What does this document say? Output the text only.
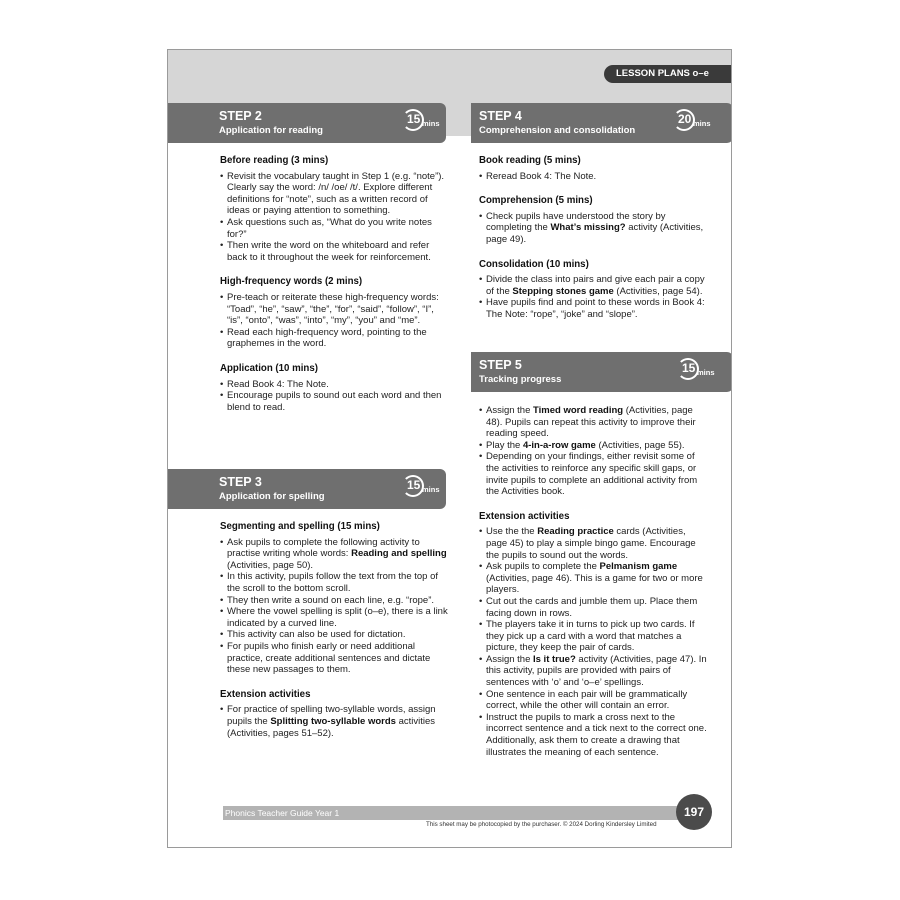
LESSON PLANS o–e
STEP 2
Application for reading
15 mins
STEP 4
Comprehension and consolidation
20 mins
Before reading (3 mins)
• Revisit the vocabulary taught in Step 1 (e.g. “note”). Clearly say the word: /n/ /oe/ /t/. Explore different definitions for “note”, such as a written record of ideas or paying attention to something.
• Ask questions such as, “What do you write notes for?”
• Then write the word on the whiteboard and refer back to it throughout the week for reinforcement.
High-frequency words (2 mins)
• Pre-teach or reiterate these high-frequency words: “Toad”, “he”, “saw”, “the”, “for”, “said”, “follow”, “I”, “is”, “onto”, “was”, “into”, “my”, “you” and “me”.
• Read each high-frequency word, pointing to the graphemes in the word.
Application (10 mins)
• Read Book 4: The Note.
• Encourage pupils to sound out each word and then blend to read.
STEP 3
Application for spelling
15 mins
Segmenting and spelling (15 mins)
• Ask pupils to complete the following activity to practise writing whole words: Reading and spelling (Activities, page 50).
• In this activity, pupils follow the text from the top of the scroll to the bottom scroll.
• They then write a sound on each line, e.g. “rope”.
• Where the vowel spelling is split (o–e), there is a link indicated by a curved line.
• This activity can also be used for dictation.
• For pupils who finish early or need additional practice, create additional sentences and dictate these new passages to them.
Extension activities
• For practice of spelling two-syllable words, assign pupils the Splitting two-syllable words activities (Activities, pages 51–52).
Book reading (5 mins)
• Reread Book 4: The Note.
Comprehension (5 mins)
• Check pupils have understood the story by completing the What’s missing? activity (Activities, page 49).
Consolidation (10 mins)
• Divide the class into pairs and give each pair a copy of the Stepping stones game (Activities, page 54).
• Have pupils find and point to these words in Book 4: The Note: “rope”, “joke” and “slope”.
STEP 5
Tracking progress
15 mins
• Assign the Timed word reading (Activities, page 48). Pupils can repeat this activity to improve their reading speed.
• Play the 4-in-a-row game (Activities, page 55).
• Depending on your findings, either revisit some of the activities to reinforce any specific skill gaps, or invite pupils to complete an additional activity from the Activities book.
Extension activities
• Use the the Reading practice cards (Activities, page 45) to play a simple bingo game. Encourage the pupils to sound out the words.
• Ask pupils to complete the Pelmanism game (Activities, page 46). This is a game for two or more players.
• Cut out the cards and jumble them up. Place them facing down in rows.
• The players take it in turns to pick up two cards. If they pick up a card with a word that matches a picture, they keep the pair of cards.
• Assign the Is it true? activity (Activities, page 47). In this activity, pupils are provided with pairs of sentences with ‘o’ and ‘o–e’ spellings.
• One sentence in each pair will be grammatically correct, while the other will contain an error.
• Instruct the pupils to mark a cross next to the incorrect sentence and a tick next to the correct one. Additionally, ask them to create a drawing that illustrates the meaning of each sentence.
Phonics Teacher Guide Year 1	197
This sheet may be photocopied by the purchaser. © 2024 Dorling Kindersley Limited
